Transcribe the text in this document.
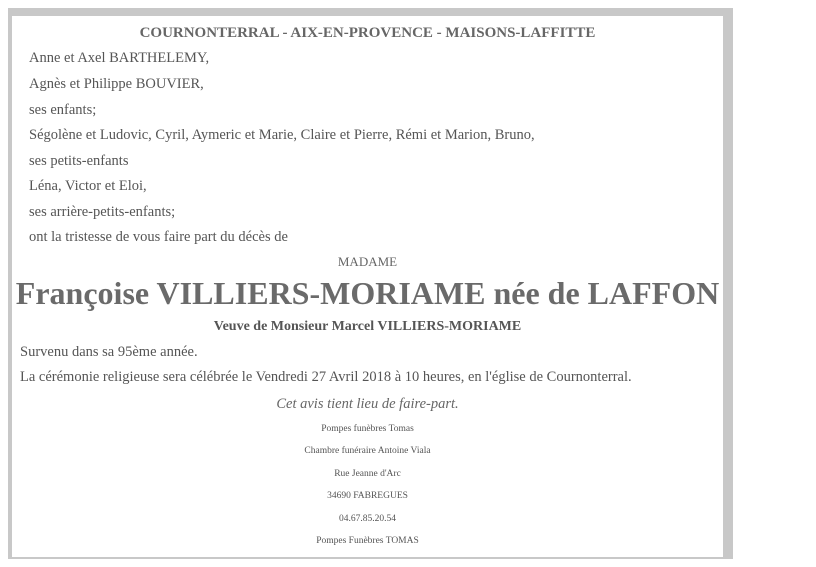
COURNONTERRAL - AIX-EN-PROVENCE - MAISONS-LAFFITTE
Anne et Axel BARTHELEMY,
Agnès et Philippe BOUVIER,
ses enfants;
Ségolène et Ludovic, Cyril, Aymeric et Marie, Claire et Pierre, Rémi et Marion, Bruno,
ses petits-enfants
Léna, Victor et Eloi,
ses arrière-petits-enfants;
ont la tristesse de vous faire part du décès de
MADAME
Françoise VILLIERS-MORIAME née de LAFFON
Veuve de Monsieur Marcel VILLIERS-MORIAME
Survenu dans sa 95ème année.
La cérémonie religieuse sera célébrée le Vendredi 27 Avril 2018 à 10 heures, en l'église de Cournonterral.
Cet avis tient lieu de faire-part.
Pompes funèbres Tomas
Chambre funéraire Antoine Viala
Rue Jeanne d'Arc
34690 FABREGUES
04.67.85.20.54
Pompes Funèbres TOMAS
